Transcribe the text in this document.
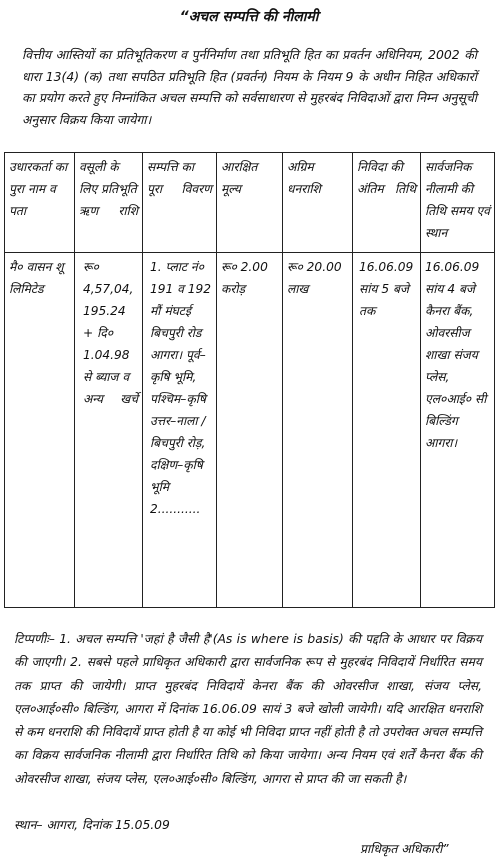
“अचल सम्पत्ति की नीलामी

वित्तीय आस्तियों का प्रतिभूतिकरण व पुर्ननिर्माण तथा प्रतिभूति हित का प्रवर्तन अधिनियम, 2002 की धारा 13(4) (क) तथा सपठित प्रतिभूति हित (प्रवर्तन) नियम के नियम 9 के अधीन निहित अधिकारों का प्रयोग करते हुए निम्नांकित अचल सम्पत्ति को सर्वसाधारण से मुहरबंद निविदाओं द्वारा निम्न अनुसूची अनुसार विक्रय किया जायेगा।

उधारकर्ता का पुरा नाम व पता	वसूली के लिए प्रतिभूति ऋण राशि	सम्पत्ति का पूरा विवरण	आरक्षित मूल्य	अग्रिम धनराशि	निविदा की अंतिम तिथि	सार्वजनिक नीलामी की तिथि समय एवं स्थान
मै० वासन शू लिमिटेड	रू० 4,57,04, 195.24 + दि० 1.04.98 से ब्याज व अन्य खर्चे	1. प्लाट नं० 191 व 192 मौं मंघटई बिचपुरी रोड आगरा। पूर्व–कृषि भूमि, पश्चिम–कृषि उत्तर–नाला /बिचपुरी रोड़, दक्षिण–कृषि भूमि 2...........	रू० 2.00 करोड़	रू० 20.00 लाख	16.06.09 सांय 5 बजे तक	16.06.09 सांय 4 बजे कैनरा बैंक, ओवरसीज शाखा संजय प्लेस, एल०आई० सी बिल्डिंग आगरा।

टिप्पणीः– 1. अचल सम्पत्ति 'जहां है जैसी है'(As is where is basis) की पद्दति के आधार पर विक्रय की जाएगी। 2. सबसे पहले प्राधिकृत अधिकारी द्वारा सार्वजनिक रूप से मुहरबंद निविदायें निर्धारित समय तक प्राप्त की जायेगी। प्राप्त मुहरबंद निविदायें केनरा बैंक की ओवरसीज शाखा, संजय प्लेस, एल०आई०सी० बिल्डिंग, आगरा में दिनांक 16.06.09 सायं 3 बजे खोली जायेगी। यदि आरक्षित धनराशि से कम धनराशि की निविदायें प्राप्त होती है या कोई भी निविदा प्राप्त नहीं होती है तो उपरोक्त अचल सम्पत्ति का विक्रय सार्वजनिक नीलामी द्वारा निर्धारित तिथि को किया जायेगा। अन्य नियम एवं शर्तें कैनरा बैंक की ओवरसीज शाखा, संजय प्लेस, एल०आई०सी० बिल्डिंग, आगरा से प्राप्त की जा सकती है।

स्थान– आगरा, दिनांक 15.05.09
प्राधिकृत अधिकारी”
